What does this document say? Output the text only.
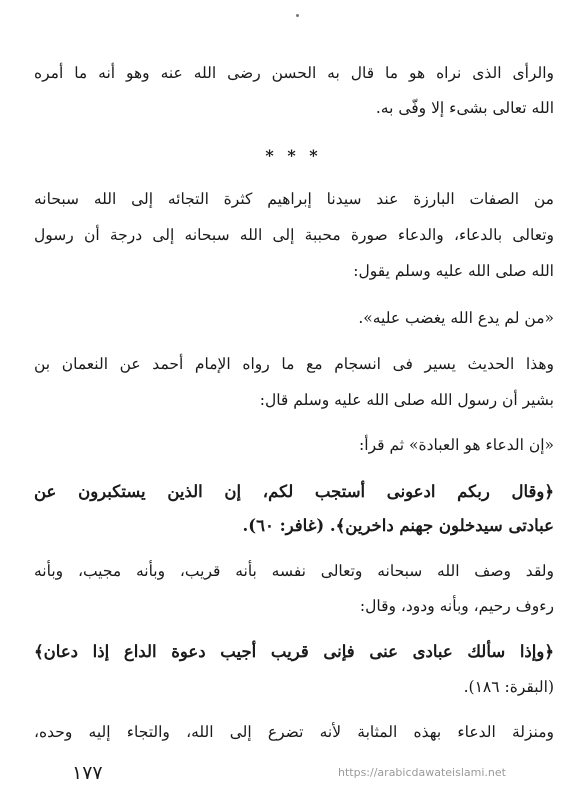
والرأى الذى نراه هو ما قال به الحسن رضى الله عنه وهو أنه ما أمره
الله تعالى بشىء إلا وفّى به.
* * *
من الصفات البارزة عند سيدنا إبراهيم كثرة التجائه إلى الله سبحانه
وتعالى بالدعاء، والدعاء صورة محببة إلى الله سبحانه إلى درجة أن رسول
الله صلى الله عليه وسلم يقول:
«من لم يدع الله يغضب عليه».
وهذا الحديث يسير فى انسجام مع ما رواه الإمام أحمد عن النعمان بن
بشير أن رسول الله صلى الله عليه وسلم قال:
«إن الدعاء هو العبادة» ثم قرأ:
﴿وقال ربكم ادعونى أستجب لكم، إن الذين يستكبرون عن
عبادتى سيدخلون جهنم داخرين﴾. (غافر: ٦٠).
ولقد وصف الله سبحانه وتعالى نفسه بأنه قريب، وبأنه مجيب، وبأنه
رءوف رحيم، وبأنه ودود، وقال:
﴿وإذا سألك عبادى عنى فإنى قريب أجيب دعوة الداع إذا دعان﴾
(البقرة: ١٨٦).
ومنزلة الدعاء بهذه المثابة لأنه تضرع إلى الله، والتجاء إليه وحده،
١٧٧	https://arabicdawateislami.net
